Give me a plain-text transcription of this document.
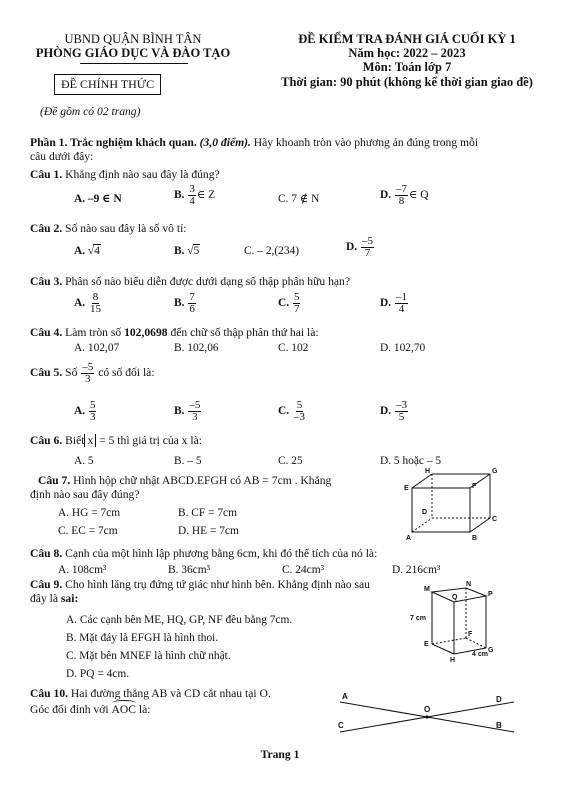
UBND QUẬN BÌNH TÂN
PHÒNG GIÁO DỤC VÀ ĐÀO TẠO
ĐỀ CHÍNH THỨC
(Đề gồm có 02 trang)
ĐỀ KIỂM TRA ĐÁNH GIÁ CUỐI KỲ 1
Năm học: 2022 – 2023
Môn: Toán lớp 7
Thời gian: 90 phút (không kể thời gian giao đề)
Phần 1. Trắc nghiệm khách quan. (3,0 điểm). Hãy khoanh tròn vào phương án đúng trong mỗi
câu dưới đây:
Câu 1. Khẳng định nào sau đây là đúng?
A. –9 ∈ N	B. $\frac{3}{4}$ ∈ Z	C. 7 ∉ N	D. $\frac{-7}{8}$ ∈ Q
Câu 2. Số nào sau đây là số vô tỉ:
A. √4	B. √5	C. – 2,(234)	D. $\frac{-5}{7}$
Câu 3. Phân số nào biểu diễn được dưới dạng số thập phân hữu hạn?
A. $\frac{8}{15}$	B. $\frac{7}{6}$	C. $\frac{5}{7}$	D. $\frac{-1}{4}$
Câu 4. Làm tròn số 102,0698 đến chữ số thập phân thứ hai là:
A. 102,07	B. 102,06	C. 102	D. 102,70
Câu 5. Số $\frac{-5}{3}$ có số đối là:
A. $\frac{5}{3}$	B. $\frac{-5}{3}$	C. $\frac{5}{-3}$	D. $\frac{-3}{5}$
Câu 6. Biết x = 5 thì giá trị của x là:
A. 5	B. – 5	C. 25	D. 5 hoặc – 5
Câu 7. Hình hộp chữ nhật ABCD.EFGH có AB = 7cm . Khẳng
định nào sau đây đúng?
A. HG = 7cm	B. CF = 7cm
C. EC = 7cm	D. HE = 7cm
H	G
E	F
D
C
A	B
Câu 8. Cạnh của một hình lập phương bằng 6cm, khi đó thể tích của nó là:
A. 108cm³	B. 36cm³	C. 24cm³	D. 216cm³
Câu 9. Cho hình lăng trụ đứng tứ giác như hình bên. Khẳng định nào sau
đây là sai:
A. Các cạnh bên ME, HQ, GP, NF đều bằng 7cm.
B. Mặt đáy là EFGH là hình thoi.
C. Mặt bên MNEF là hình chữ nhật.
D. PQ = 4cm.
M
N
Q	P
E
F
H
G
7 cm
4 cm
Câu 10. Hai đường thẳng AB và CD cắt nhau tại O.
Góc đối đỉnh với AOC là:
A	D
O
C	B
Trang 1
